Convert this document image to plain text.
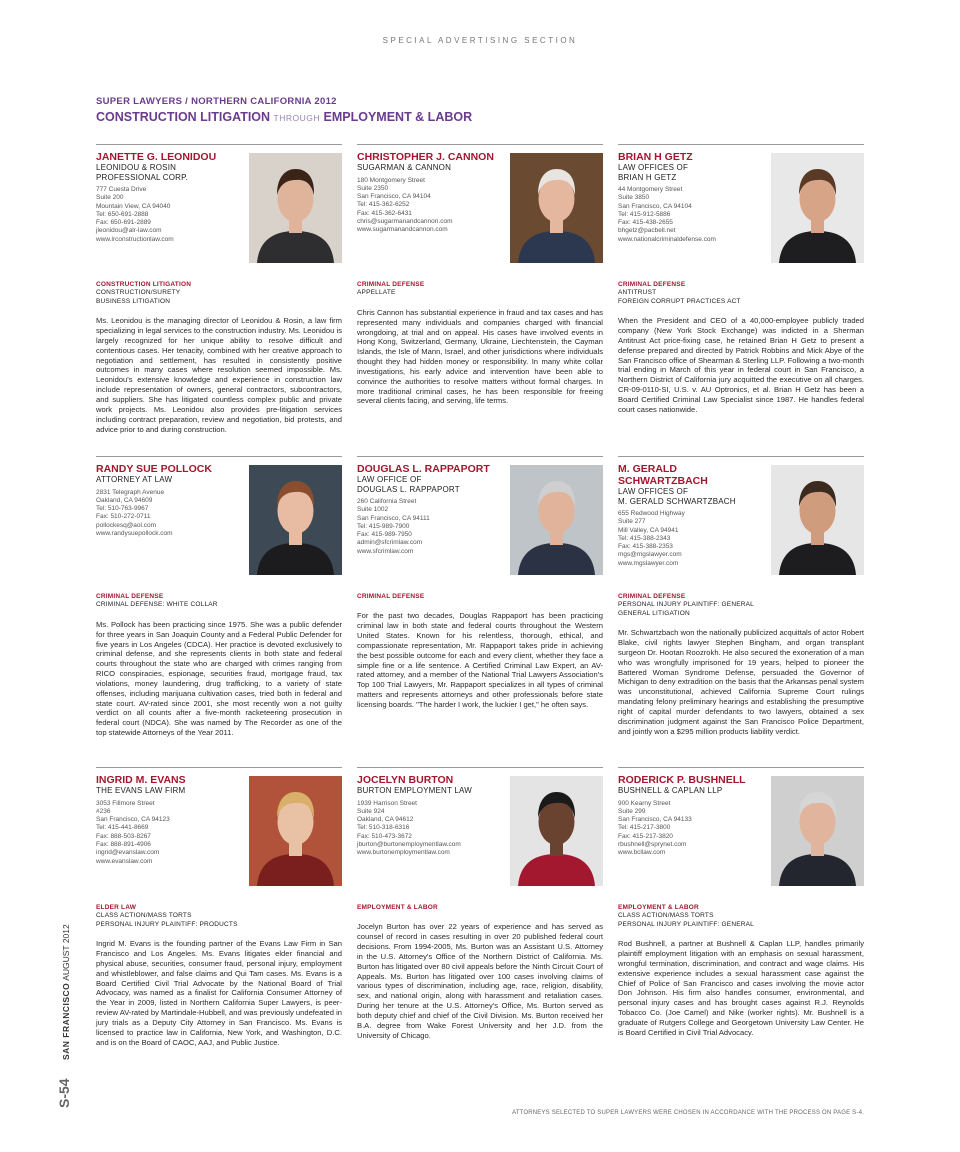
SPECIAL ADVERTISING SECTION
SUPER LAWYERS / NORTHERN CALIFORNIA 2012
CONSTRUCTION LITIGATION THROUGH EMPLOYMENT & LABOR
JANETTE G. LEONIDOU
LEONIDOU & ROSIN
PROFESSIONAL CORP.
777 Cuesta Drive
Suite 200
Mountain View, CA 94040
Tel: 650-691-2888
Fax: 650-691-2889
jleonidou@alr-law.com
www.lrconstructionlaw.com
CONSTRUCTION LITIGATION
CONSTRUCTION/SURETY
BUSINESS LITIGATION
Ms. Leonidou is the managing director of Leonidou & Rosin, a law firm specializing in legal services to the construction industry. Ms. Leonidou is largely recognized for her unique ability to resolve difficult and contentious cases. Her tenacity, combined with her creative approach to negotiation and settlement, has resulted in consistently positive outcomes in many cases where resolution seemed impossible. Ms. Leonidou's extensive knowledge and experience in construction law include representation of owners, general contractors, subcontractors, and suppliers. She has litigated countless complex public and private work projects. Ms. Leonidou also provides pre-litigation services including contract preparation, review and negotiation, bid protests, and advice prior to and during construction.
CHRISTOPHER J. CANNON
SUGARMAN & CANNON
180 Montgomery Street
Suite 2350
San Francisco, CA 94104
Tel: 415-362-6252
Fax: 415-362-6431
chris@sugarmanandcannon.com
www.sugarmanandcannon.com
CRIMINAL DEFENSE
APPELLATE
Chris Cannon has substantial experience in fraud and tax cases and has represented many individuals and companies charged with financial wrongdoing, at trial and on appeal. His cases have involved events in Hong Kong, Switzerland, Germany, Ukraine, Liechtenstein, the Cayman Islands, the Isle of Mann, Israel, and other jurisdictions where individuals thought they had hidden money or responsibility. In many white collar investigations, his early advice and intervention have been able to convince the authorities to resolve matters without formal charges. In more traditional criminal cases, he has been responsible for freeing several clients facing, and serving, life terms.
BRIAN H GETZ
LAW OFFICES OF
BRIAN H GETZ
44 Montgomery Street
Suite 3850
San Francisco, CA 94104
Tel: 415-912-5886
Fax: 415-438-2655
bhgetz@pacbell.net
www.nationalcriminaldefense.com
CRIMINAL DEFENSE
ANTITRUST
FOREIGN CORRUPT PRACTICES ACT
When the President and CEO of a 40,000-employee publicly traded company (New York Stock Exchange) was indicted in a Sherman Antitrust Act price-fixing case, he retained Brian H Getz to present a defense prepared and directed by Patrick Robbins and Mick Abye of the San Francisco office of Shearman & Sterling LLP. Following a two-month trial ending in March of this year in federal court in San Francisco, a Northern District of California jury acquitted the executive on all charges. CR-09-0110-SI, U.S. v. AU Optronics, et al. Brian H Getz has been a Board Certified Criminal Law Specialist since 1987. He handles federal court cases nationwide.
RANDY SUE POLLOCK
ATTORNEY AT LAW
2831 Telegraph Avenue
Oakland, CA 94609
Tel: 510-763-9967
Fax: 510-272-0711
pollockesq@aol.com
www.randysuepollock.com
CRIMINAL DEFENSE
CRIMINAL DEFENSE: WHITE COLLAR
Ms. Pollock has been practicing since 1975. She was a public defender for three years in San Joaquin County and a Federal Public Defender for five years in Los Angeles (CDCA). Her practice is devoted exclusively to criminal defense, and she represents clients in both state and federal courts throughout the state who are charged with crimes ranging from RICO conspiracies, espionage, securities fraud, mortgage fraud, tax violations, money laundering, drug trafficking, to a variety of state offenses, including marijuana cultivation cases, tried both in federal and state court. AV-rated since 2001, she most recently won a not guilty verdict on all counts after a five-month racketeering prosecution in federal court (NDCA). She was named by The Recorder as one of the top statewide Attorneys of the Year 2011.
DOUGLAS L. RAPPAPORT
LAW OFFICE OF
DOUGLAS L. RAPPAPORT
260 California Street
Suite 1002
San Francisco, CA 94111
Tel: 415-989-7900
Fax: 415-989-7950
admin@sfcrimlaw.com
www.sfcrimlaw.com
CRIMINAL DEFENSE
For the past two decades, Douglas Rappaport has been practicing criminal law in both state and federal courts throughout the Western United States. Known for his relentless, thorough, ethical, and compassionate representation, Mr. Rappaport takes pride in achieving the best possible outcome for each and every client, whether they face a simple fine or a life sentence. A Certified Criminal Law Expert, an AV-rated attorney, and a member of the National Trial Lawyers Association's Top 100 Trial Lawyers, Mr. Rappaport specializes in all types of criminal matters and represents attorneys and other professionals before state licensing boards. "The harder I work, the luckier I get," he often says.
M. GERALD SCHWARTZBACH
LAW OFFICES OF
M. GERALD SCHWARTZBACH
655 Redwood Highway
Suite 277
Mill Valley, CA 94941
Tel: 415-388-2343
Fax: 415-388-2353
mgs@mgslawyer.com
www.mgslawyer.com
CRIMINAL DEFENSE
PERSONAL INJURY PLAINTIFF: GENERAL
GENERAL LITIGATION
Mr. Schwartzbach won the nationally publicized acquittals of actor Robert Blake, civil rights lawyer Stephen Bingham, and organ transplant surgeon Dr. Hootan Roozrokh. He also secured the exoneration of a man who was wrongfully imprisoned for 19 years, helped to pioneer the Battered Woman Syndrome Defense, persuaded the Governor of Michigan to deny extradition on the basis that the Arkansas penal system was unconstitutional, achieved California Supreme Court rulings mandating felony preliminary hearings and establishing the presumptive right of capital murder defendants to two lawyers, obtained a sex discrimination judgment against the San Francisco Police Department, and jointly won a $295 million products liability verdict.
INGRID M. EVANS
THE EVANS LAW FIRM
3053 Fillmore Street
#236
San Francisco, CA 94123
Tel: 415-441-8669
Fax: 888-503-8267
Fax: 888-891-4906
ingrid@evanslaw.com
www.evanslaw.com
ELDER LAW
CLASS ACTION/MASS TORTS
PERSONAL INJURY PLAINTIFF: PRODUCTS
Ingrid M. Evans is the founding partner of the Evans Law Firm in San Francisco and Los Angeles. Ms. Evans litigates elder financial and physical abuse, securities, consumer fraud, personal injury, employment and whistleblower, and false claims and Qui Tam cases. Ms. Evans is a Board Certified Civil Trial Advocate by the National Board of Trial Advocacy, was named as a finalist for California Consumer Attorney of the Year in 2009, listed in Northern California Super Lawyers, is peer-review AV-rated by Martindale-Hubbell, and was previously undefeated in jury trials as a Deputy City Attorney in San Francisco. Ms. Evans is licensed to practice law in California, New York, and Washington, D.C. and is on the Board of CAOC, AAJ, and Public Justice.
JOCELYN BURTON
BURTON EMPLOYMENT LAW
1939 Harrison Street
Suite 924
Oakland, CA 94612
Tel: 510-318-6316
Fax: 510-473-3672
jburton@burtonemploymentlaw.com
www.burtonemploymentlaw.com
EMPLOYMENT & LABOR
Jocelyn Burton has over 22 years of experience and has served as counsel of record in cases resulting in over 20 published federal court decisions. From 1994-2005, Ms. Burton was an Assistant U.S. Attorney in the U.S. Attorney's Office of the Northern District of California. Ms. Burton has litigated over 80 civil appeals before the Ninth Circuit Court of Appeals. Ms. Burton has litigated over 100 cases involving claims of various types of discrimination, including age, race, religion, disability, sex, and national origin, along with harassment and retaliation cases. During her tenure at the U.S. Attorney's Office, Ms. Burton served as both deputy chief and chief of the Civil Division. Ms. Burton received her B.A. degree from Wake Forest University and her J.D. from the University of Chicago.
RODERICK P. BUSHNELL
BUSHNELL & CAPLAN LLP
900 Kearny Street
Suite 299
San Francisco, CA 94133
Tel: 415-217-3800
Fax: 415-217-3820
rbushnell@sprynet.com
www.bcllaw.com
EMPLOYMENT & LABOR
CLASS ACTION/MASS TORTS
PERSONAL INJURY PLAINTIFF: GENERAL
Rod Bushnell, a partner at Bushnell & Caplan LLP, handles primarily plaintiff employment litigation with an emphasis on sexual harassment, wrongful termination, discrimination, and contract and wage claims. His extensive experience includes a sexual harassment case against the Chief of Police of San Francisco and cases involving the movie actor Don Johnson. His firm also handles consumer, environmental, and personal injury cases and has brought cases against R.J. Reynolds Tobacco Co. (Joe Camel) and Nike (worker rights). Mr. Bushnell is a graduate of Rutgers College and Georgetown University Law Center. He is Board Certified in Civil Trial Advocacy.
S-54 SAN FRANCISCO AUGUST 2012
ATTORNEYS SELECTED TO SUPER LAWYERS WERE CHOSEN IN ACCORDANCE WITH THE PROCESS ON PAGE S-4.
